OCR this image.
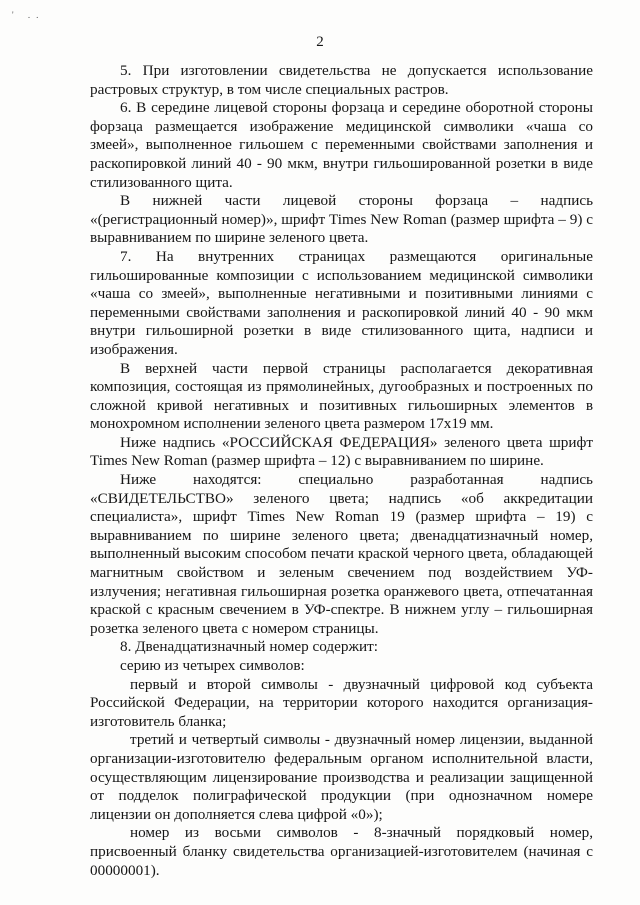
' ..
2

5. При изготовлении свидетельства не допускается использование растровых структур, в том числе специальных растров.

6. В середине лицевой стороны форзаца и середине оборотной стороны форзаца размещается изображение медицинской символики «чаша со змеей», выполненное гильошем с переменными свойствами заполнения и раскопировкой линий 40 - 90 мкм, внутри гильошированной розетки в виде стилизованного щита.

В нижней части лицевой стороны форзаца – надпись «(регистрационный номер)», шрифт Times New Roman (размер шрифта – 9) с выравниванием по ширине зеленого цвета.

7. На внутренних страницах размещаются оригинальные гильошированные композиции с использованием медицинской символики «чаша со змеей», выполненные негативными и позитивными линиями с переменными свойствами заполнения и раскопировкой линий 40 - 90 мкм внутри гильоширной розетки в виде стилизованного щита, надписи и изображения.

В верхней части первой страницы располагается декоративная композиция, состоящая из прямолинейных, дугообразных и построенных по сложной кривой негативных и позитивных гильоширных элементов в монохромном исполнении зеленого цвета размером 17х19 мм.

Ниже надпись «РОССИЙСКАЯ ФЕДЕРАЦИЯ» зеленого цвета шрифт Times New Roman (размер шрифта – 12) с выравниванием по ширине.

Ниже находятся: специально разработанная надпись «СВИДЕТЕЛЬСТВО» зеленого цвета; надпись «об аккредитации специалиста», шрифт Times New Roman 19 (размер шрифта – 19) с выравниванием по ширине зеленого цвета; двенадцатизначный номер, выполненный высоким способом печати краской черного цвета, обладающей магнитным свойством и зеленым свечением под воздействием УФ-излучения; негативная гильоширная розетка оранжевого цвета, отпечатанная краской с красным свечением в УФ-спектре. В нижнем углу – гильоширная розетка зеленого цвета с номером страницы.

8. Двенадцатизначный номер содержит:

серию из четырех символов:

первый и второй символы - двузначный цифровой код субъекта Российской Федерации, на территории которого находится организация-изготовитель бланка;

третий и четвертый символы - двузначный номер лицензии, выданной организации-изготовителю федеральным органом исполнительной власти, осуществляющим лицензирование производства и реализации защищенной от подделок полиграфической продукции (при однозначном номере лицензии он дополняется слева цифрой «0»);

номер из восьми символов - 8-значный порядковый номер, присвоенный бланку свидетельства организацией-изготовителем (начиная с 00000001).
